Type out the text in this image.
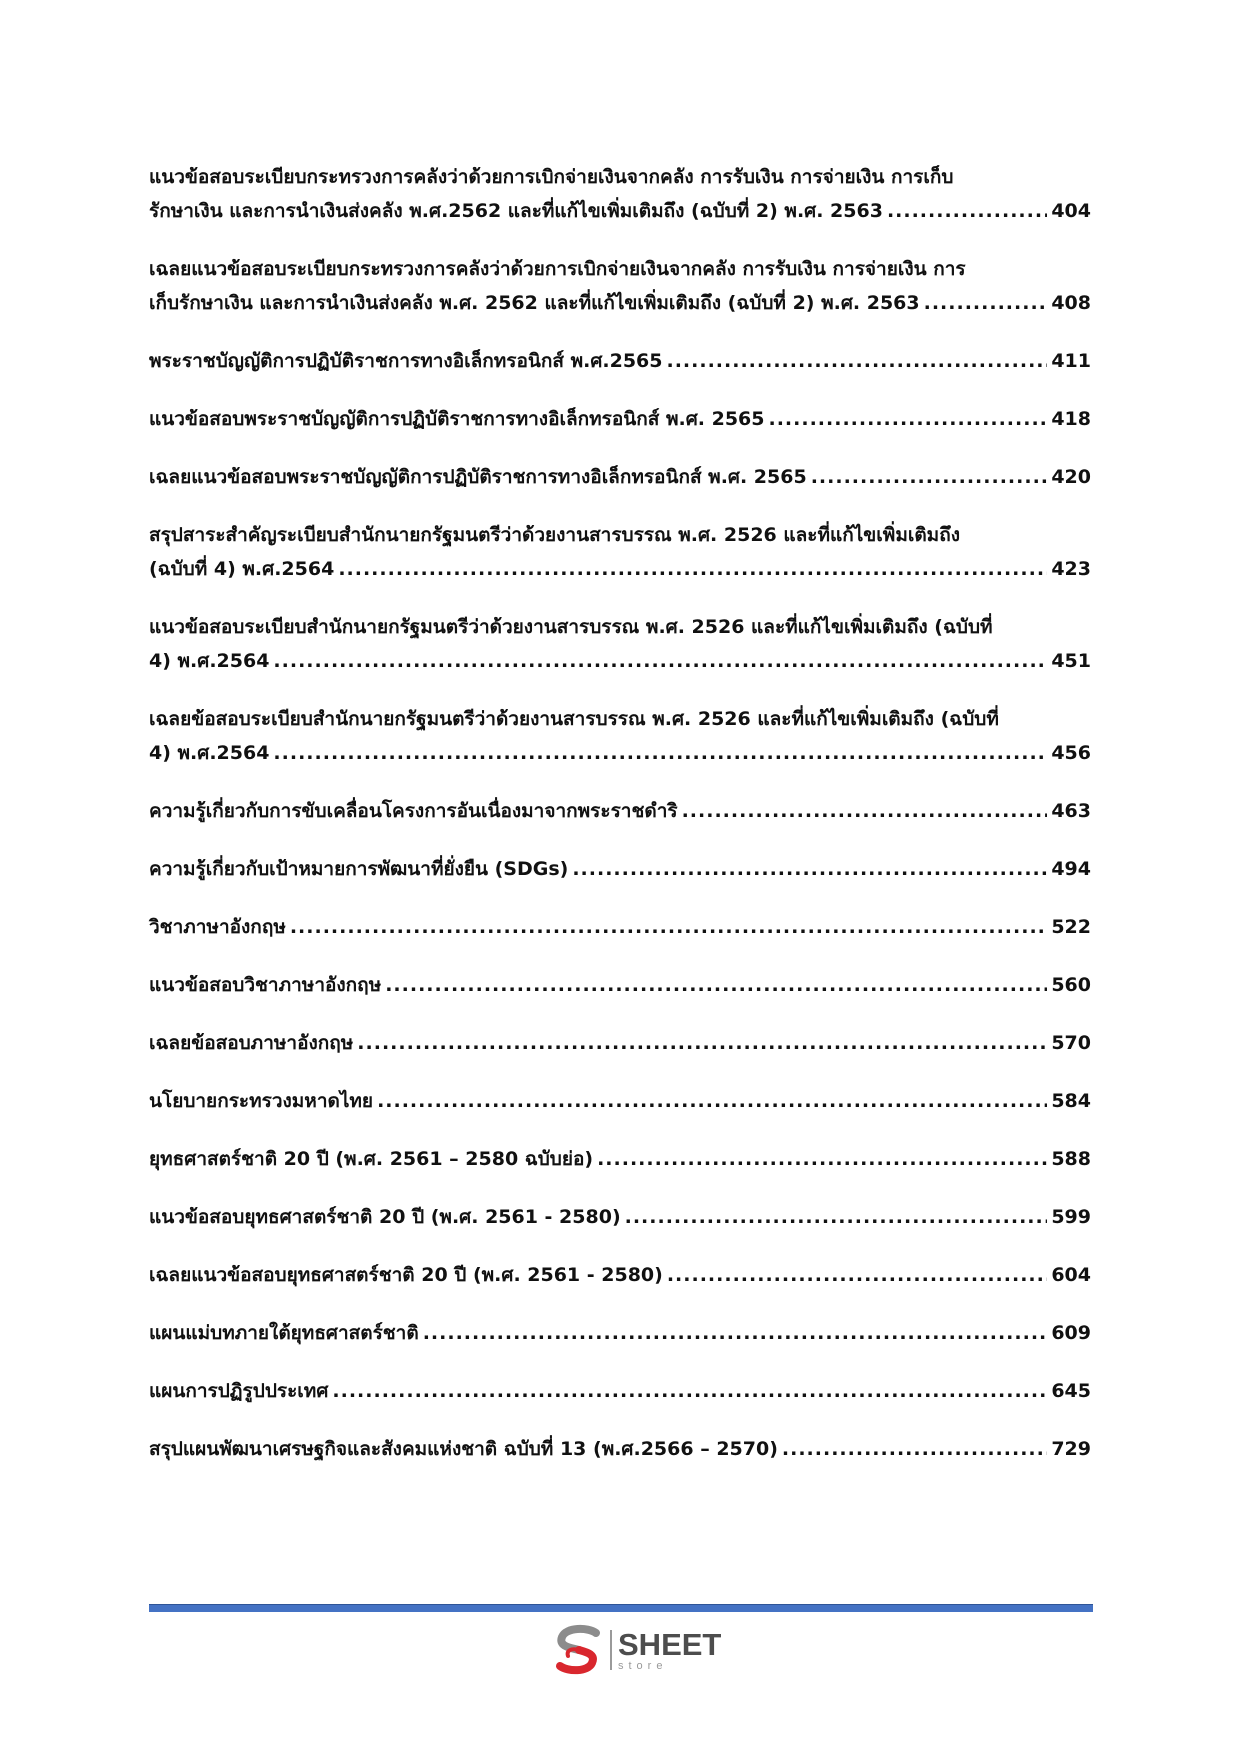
แนวข้อสอบระเบียบกระทรวงการคลังว่าด้วยการเบิกจ่ายเงินจากคลัง การรับเงิน การจ่ายเงิน การเก็บ
รักษาเงิน และการนำเงินส่งคลัง พ.ศ.2562 และที่แก้ไขเพิ่มเติมถึง (ฉบับที่ 2) พ.ศ. 2563 .....	404
เฉลยแนวข้อสอบระเบียบกระทรวงการคลังว่าด้วยการเบิกจ่ายเงินจากคลัง การรับเงิน การจ่ายเงิน การ
เก็บรักษาเงิน และการนำเงินส่งคลัง พ.ศ. 2562 และที่แก้ไขเพิ่มเติมถึง (ฉบับที่ 2) พ.ศ. 2563 .....	408
พระราชบัญญัติการปฏิบัติราชการทางอิเล็กทรอนิกส์ พ.ศ.2565 .....	411
แนวข้อสอบพระราชบัญญัติการปฏิบัติราชการทางอิเล็กทรอนิกส์ พ.ศ. 2565 .....	418
เฉลยแนวข้อสอบพระราชบัญญัติการปฏิบัติราชการทางอิเล็กทรอนิกส์ พ.ศ. 2565 .....	420
สรุปสาระสำคัญระเบียบสำนักนายกรัฐมนตรีว่าด้วยงานสารบรรณ พ.ศ. 2526 และที่แก้ไขเพิ่มเติมถึง
(ฉบับที่ 4) พ.ศ.2564 .....	423
แนวข้อสอบระเบียบสำนักนายกรัฐมนตรีว่าด้วยงานสารบรรณ พ.ศ. 2526 และที่แก้ไขเพิ่มเติมถึง (ฉบับที่
4) พ.ศ.2564 .....	451
เฉลยข้อสอบระเบียบสำนักนายกรัฐมนตรีว่าด้วยงานสารบรรณ พ.ศ. 2526 และที่แก้ไขเพิ่มเติมถึง (ฉบับที่
4) พ.ศ.2564 .....	456
ความรู้เกี่ยวกับการขับเคลื่อนโครงการอันเนื่องมาจากพระราชดำริ .....	463
ความรู้เกี่ยวกับเป้าหมายการพัฒนาที่ยั่งยืน (SDGs) .....	494
วิชาภาษาอังกฤษ .....	522
แนวข้อสอบวิชาภาษาอังกฤษ .....	560
เฉลยข้อสอบภาษาอังกฤษ .....	570
นโยบายกระทรวงมหาดไทย .....	584
ยุทธศาสตร์ชาติ 20 ปี (พ.ศ. 2561 – 2580 ฉบับย่อ) .....	588
แนวข้อสอบยุทธศาสตร์ชาติ 20 ปี (พ.ศ. 2561 - 2580) .....	599
เฉลยแนวข้อสอบยุทธศาสตร์ชาติ 20 ปี (พ.ศ. 2561 - 2580) .....	604
แผนแม่บทภายใต้ยุทธศาสตร์ชาติ .....	609
แผนการปฏิรูปประเทศ .....	645
สรุปแผนพัฒนาเศรษฐกิจและสังคมแห่งชาติ ฉบับที่ 13 (พ.ศ.2566 – 2570) .....	729
SHEET
store
